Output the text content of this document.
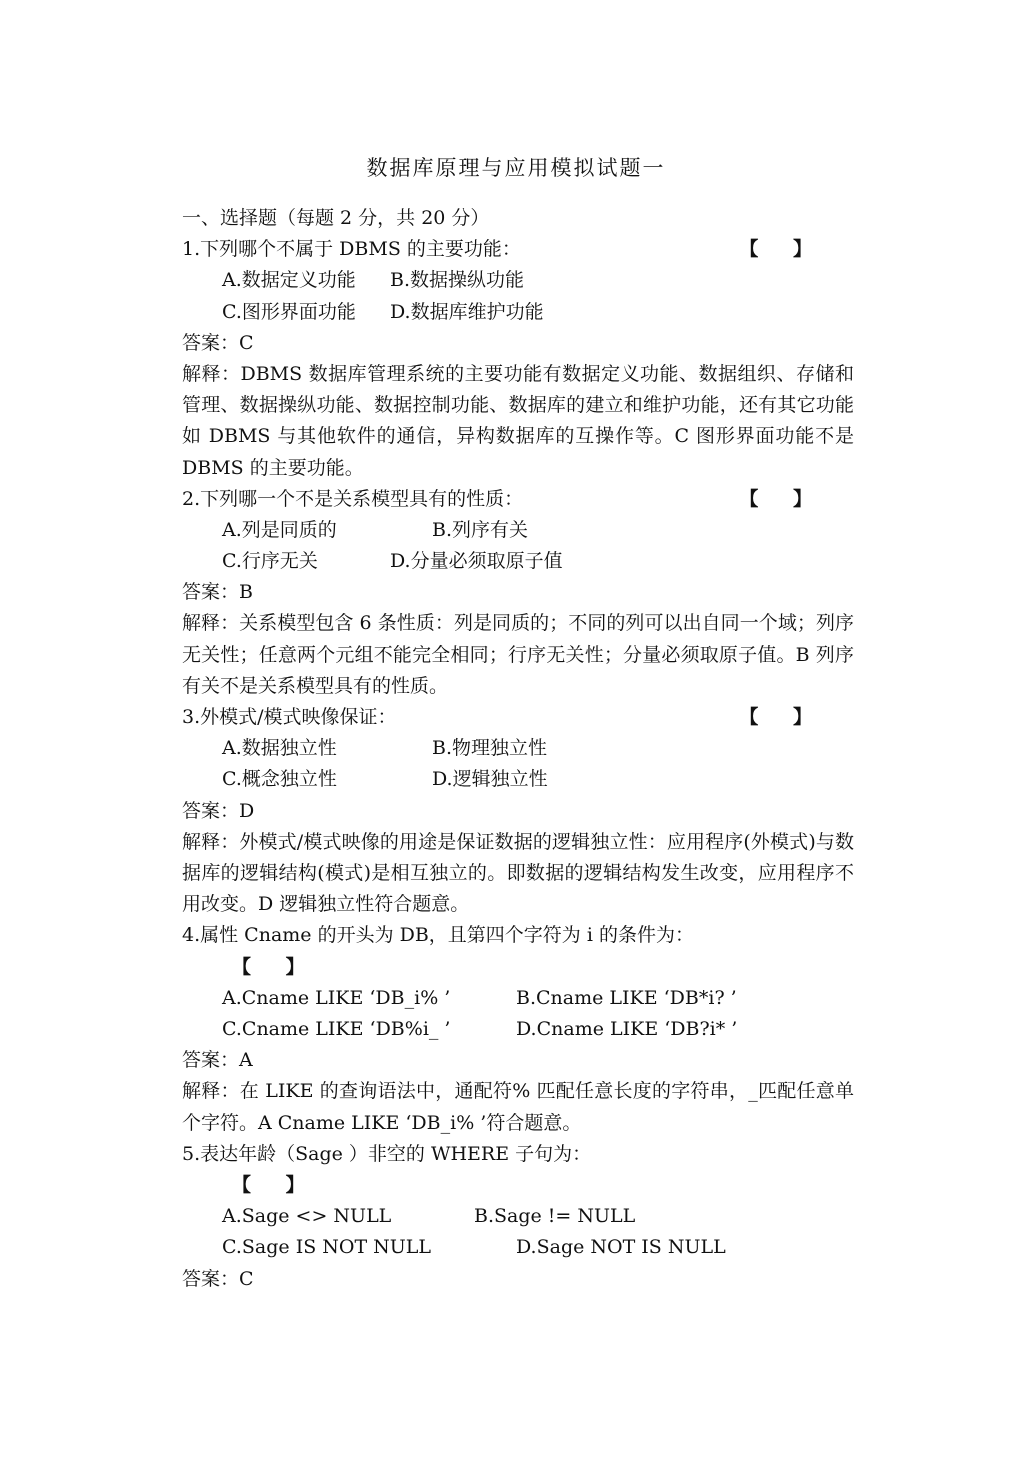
数据库原理与应用模拟试题一
一、选择题（每题 2 分，共 20 分）
1.下列哪个不属于 DBMS 的主要功能：	【 】
A.数据定义功能 B.数据操纵功能
C.图形界面功能 D.数据库维护功能
答案：C
解释：DBMS 数据库管理系统的主要功能有数据定义功能、数据组织、存储和管理、数据操纵功能、数据控制功能、数据库的建立和维护功能，还有其它功能如 DBMS 与其他软件的通信，异构数据库的互操作等。C 图形界面功能不是 DBMS 的主要功能。
2.下列哪一个不是关系模型具有的性质：	【 】
A.列是同质的	B.列序有关
C.行序无关	D.分量必须取原子值
答案：B
解释：关系模型包含 6 条性质：列是同质的；不同的列可以出自同一个域；列序无关性；任意两个元组不能完全相同；行序无关性；分量必须取原子值。B 列序有关不是关系模型具有的性质。
3.外模式/模式映像保证：	【 】
A.数据独立性	B.物理独立性
C.概念独立性	D.逻辑独立性
答案：D
解释：外模式/模式映像的用途是保证数据的逻辑独立性：应用程序(外模式)与数据库的逻辑结构(模式)是相互独立的。即数据的逻辑结构发生改变，应用程序不用改变。D 逻辑独立性符合题意。
4.属性 Cname 的开头为 DB，且第四个字符为 i 的条件为：
【 】
A.Cname LIKE ‘DB_i% ’	B.Cname LIKE ‘DB*i? ’
C.Cname LIKE ‘DB%i_ ’	D.Cname LIKE ‘DB?i* ’
答案：A
解释：在 LIKE 的查询语法中，通配符% 匹配任意长度的字符串，_匹配任意单个字符。A Cname LIKE ‘DB_i% ’符合题意。
5.表达年龄（Sage ）非空的 WHERE 子句为：
【 】
A.Sage <> NULL	B.Sage != NULL
C.Sage IS NOT NULL	D.Sage NOT IS NULL
答案：C
